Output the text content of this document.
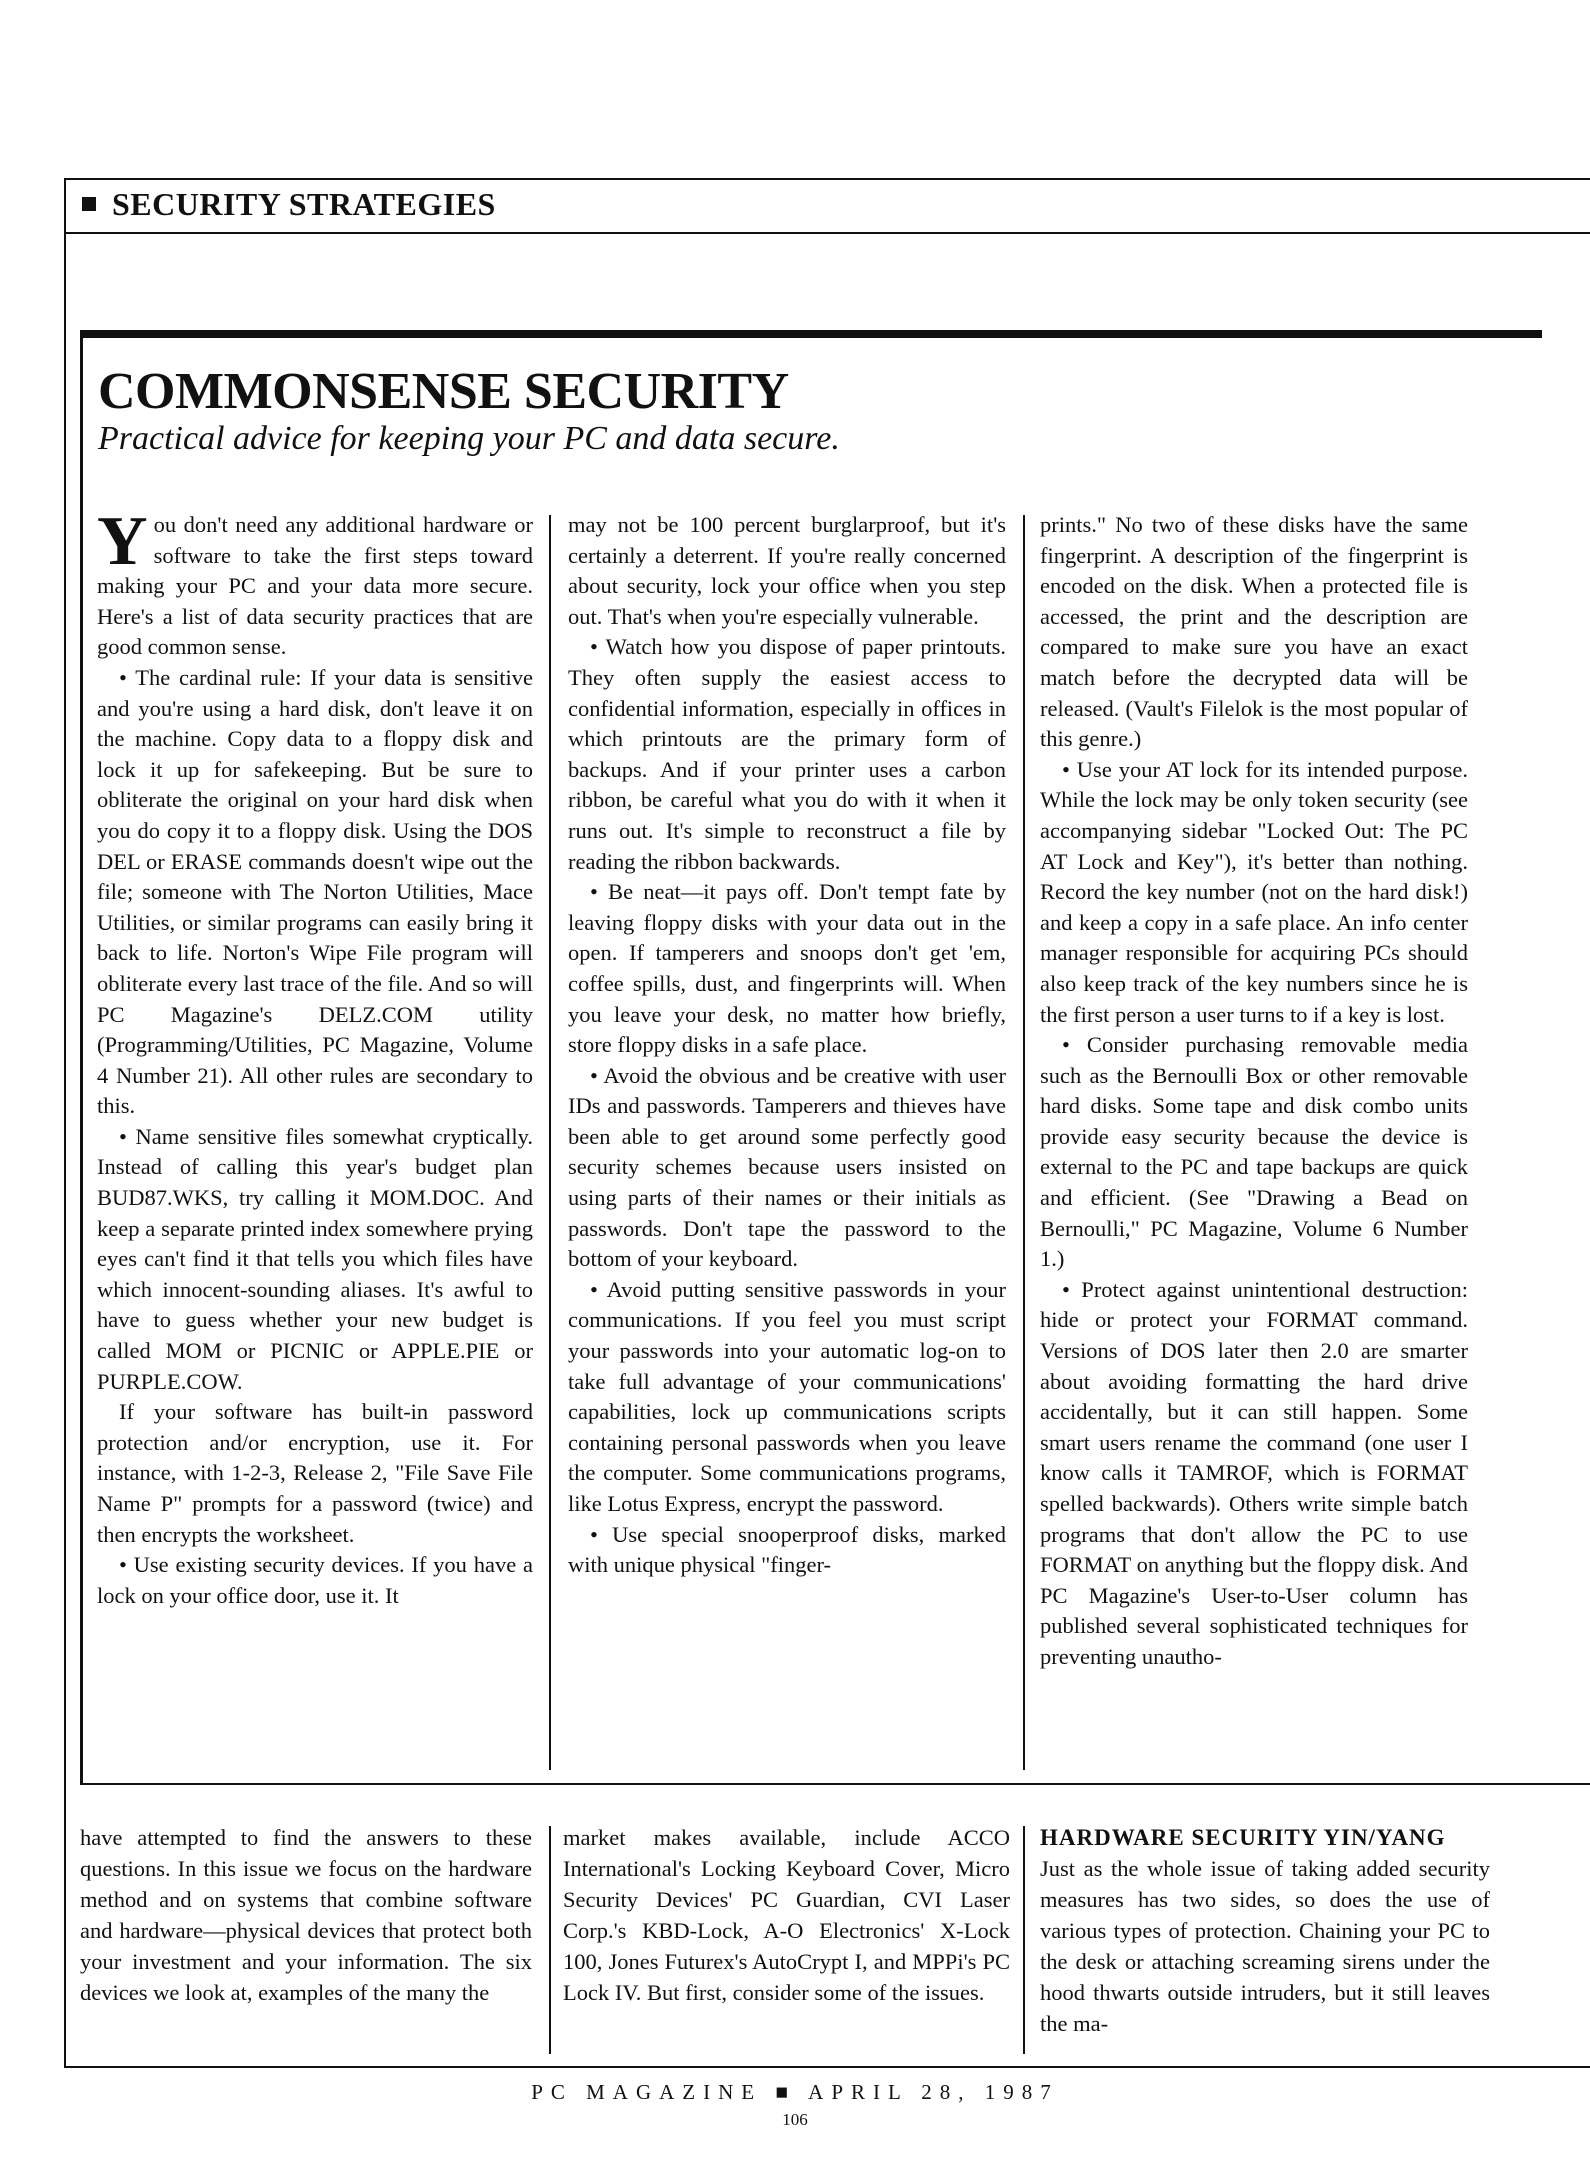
SECURITY STRATEGIES
COMMONSENSE SECURITY
Practical advice for keeping your PC and data secure.

You don't need any additional hardware or software to take the first steps toward making your PC and your data more secure. Here's a list of data security practices that are good common sense.

• The cardinal rule: If your data is sensitive and you're using a hard disk, don't leave it on the machine. Copy data to a floppy disk and lock it up for safekeeping. But be sure to obliterate the original on your hard disk when you do copy it to a floppy disk. Using the DOS DEL or ERASE commands doesn't wipe out the file; someone with The Norton Utilities, Mace Utilities, or similar programs can easily bring it back to life. Norton's Wipe File program will obliterate every last trace of the file. And so will PC Magazine's DELZ.COM utility (Programming/Utilities, PC Magazine, Volume 4 Number 21). All other rules are secondary to this.

• Name sensitive files somewhat cryptically. Instead of calling this year's budget plan BUD87.WKS, try calling it MOM.DOC. And keep a separate printed index somewhere prying eyes can't find it that tells you which files have which innocent-sounding aliases. It's awful to have to guess whether your new budget is called MOM or PICNIC or APPLE.PIE or PURPLE.COW.

If your software has built-in password protection and/or encryption, use it. For instance, with 1-2-3, Release 2, "File Save File Name P" prompts for a password (twice) and then encrypts the worksheet.

• Use existing security devices. If you have a lock on your office door, use it. It

may not be 100 percent burglarproof, but it's certainly a deterrent. If you're really concerned about security, lock your office when you step out. That's when you're especially vulnerable.

• Watch how you dispose of paper printouts. They often supply the easiest access to confidential information, especially in offices in which printouts are the primary form of backups. And if your printer uses a carbon ribbon, be careful what you do with it when it runs out. It's simple to reconstruct a file by reading the ribbon backwards.

• Be neat—it pays off. Don't tempt fate by leaving floppy disks with your data out in the open. If tamperers and snoops don't get 'em, coffee spills, dust, and fingerprints will. When you leave your desk, no matter how briefly, store floppy disks in a safe place.

• Avoid the obvious and be creative with user IDs and passwords. Tamperers and thieves have been able to get around some perfectly good security schemes because users insisted on using parts of their names or their initials as passwords. Don't tape the password to the bottom of your keyboard.

• Avoid putting sensitive passwords in your communications. If you feel you must script your passwords into your automatic log-on to take full advantage of your communications' capabilities, lock up communications scripts containing personal passwords when you leave the computer. Some communications programs, like Lotus Express, encrypt the password.

• Use special snooperproof disks, marked with unique physical "finger-

prints." No two of these disks have the same fingerprint. A description of the fingerprint is encoded on the disk. When a protected file is accessed, the print and the description are compared to make sure you have an exact match before the decrypted data will be released. (Vault's Filelok is the most popular of this genre.)

• Use your AT lock for its intended purpose. While the lock may be only token security (see accompanying sidebar "Locked Out: The PC AT Lock and Key"), it's better than nothing. Record the key number (not on the hard disk!) and keep a copy in a safe place. An info center manager responsible for acquiring PCs should also keep track of the key numbers since he is the first person a user turns to if a key is lost.

• Consider purchasing removable media such as the Bernoulli Box or other removable hard disks. Some tape and disk combo units provide easy security because the device is external to the PC and tape backups are quick and efficient. (See "Drawing a Bead on Bernoulli," PC Magazine, Volume 6 Number 1.)

• Protect against unintentional destruction: hide or protect your FORMAT command. Versions of DOS later then 2.0 are smarter about avoiding formatting the hard drive accidentally, but it can still happen. Some smart users rename the command (one user I know calls it TAMROF, which is FORMAT spelled backwards). Others write simple batch programs that don't allow the PC to use FORMAT on anything but the floppy disk. And PC Magazine's User-to-User column has published several sophisticated techniques for preventing unautho-

have attempted to find the answers to these questions. In this issue we focus on the hardware method and on systems that combine software and hardware—physical devices that protect both your investment and your information. The six devices we look at, examples of the many the

market makes available, include ACCO International's Locking Keyboard Cover, Micro Security Devices' PC Guardian, CVI Laser Corp.'s KBD-Lock, A-O Electronics' X-Lock 100, Jones Futurex's AutoCrypt I, and MPPi's PC Lock IV. But first, consider some of the issues.

HARDWARE SECURITY YIN/YANG

Just as the whole issue of taking added security measures has two sides, so does the use of various types of protection. Chaining your PC to the desk or attaching screaming sirens under the hood thwarts outside intruders, but it still leaves the ma-

PC MAGAZINE ■ APRIL 28, 1987
106
